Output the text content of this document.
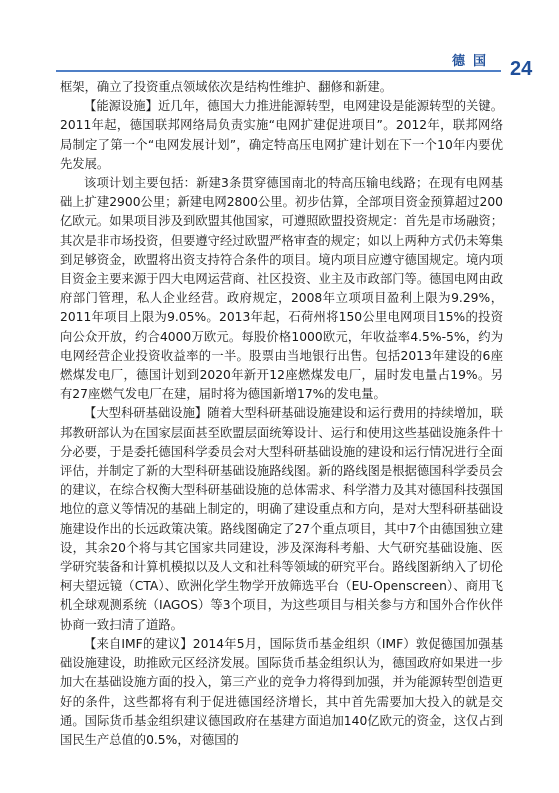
德国 24

框架，确立了投资重点领域依次是结构性维护、翻修和新建。

【能源设施】近几年，德国大力推进能源转型，电网建设是能源转型的关键。2011年起，德国联邦网络局负责实施“电网扩建促进项目”。2012年，联邦网络局制定了第一个“电网发展计划”，确定特高压电网扩建计划在下一个10年内要优先发展。

该项计划主要包括：新建3条贯穿德国南北的特高压输电线路；在现有电网基础上扩建2900公里；新建电网2800公里。初步估算，全部项目资金预算超过200亿欧元。如果项目涉及到欧盟其他国家，可遵照欧盟投资规定：首先是市场融资；其次是非市场投资，但要遵守经过欧盟严格审查的规定；如以上两种方式仍未筹集到足够资金，欧盟将出资支持符合条件的项目。境内项目应遵守德国规定。境内项目资金主要来源于四大电网运营商、社区投资、业主及市政部门等。德国电网由政府部门管理，私人企业经营。政府规定，2008年立项项目盈利上限为9.29%，2011年项目上限为9.05%。2013年起，石荷州将150公里电网项目15%的投资向公众开放，约合4000万欧元。每股价格1000欧元，年收益率4.5%-5%，约为电网经营企业投资收益率的一半。股票由当地银行出售。包括2013年建设的6座燃煤发电厂，德国计划到2020年新开12座燃煤发电厂，届时发电量占19%。另有27座燃气发电厂在建，届时将为德国新增17%的发电量。

【大型科研基础设施】随着大型科研基础设施建设和运行费用的持续增加，联邦教研部认为在国家层面甚至欧盟层面统筹设计、运行和使用这些基础设施条件十分必要，于是委托德国科学委员会对大型科研基础设施的建设和运行情况进行全面评估，并制定了新的大型科研基础设施路线图。新的路线图是根据德国科学委员会的建议，在综合权衡大型科研基础设施的总体需求、科学潜力及其对德国科技强国地位的意义等情况的基础上制定的，明确了建设重点和方向，是对大型科研基础设施建设作出的长远政策决策。路线图确定了27个重点项目，其中7个由德国独立建设，其余20个将与其它国家共同建设，涉及深海科考船、大气研究基础设施、医学研究装备和计算机模拟以及人文和社科等领域的研究平台。路线图新纳入了切伦柯夫望远镜（CTA）、欧洲化学生物学开放筛选平台（EU-Openscreen）、商用飞机全球观测系统（IAGOS）等3个项目，为这些项目与相关参与方和国外合作伙伴协商一致扫清了道路。

【来自IMF的建议】2014年5月，国际货币基金组织（IMF）敦促德国加强基础设施建设，助推欧元区经济发展。国际货币基金组织认为，德国政府如果进一步加大在基础设施方面的投入，第三产业的竞争力将得到加强，并为能源转型创造更好的条件，这些都将有利于促进德国经济增长，其中首先需要加大投入的就是交通。国际货币基金组织建议德国政府在基建方面追加140亿欧元的资金，这仅占到国民生产总值的0.5%，对德国的
